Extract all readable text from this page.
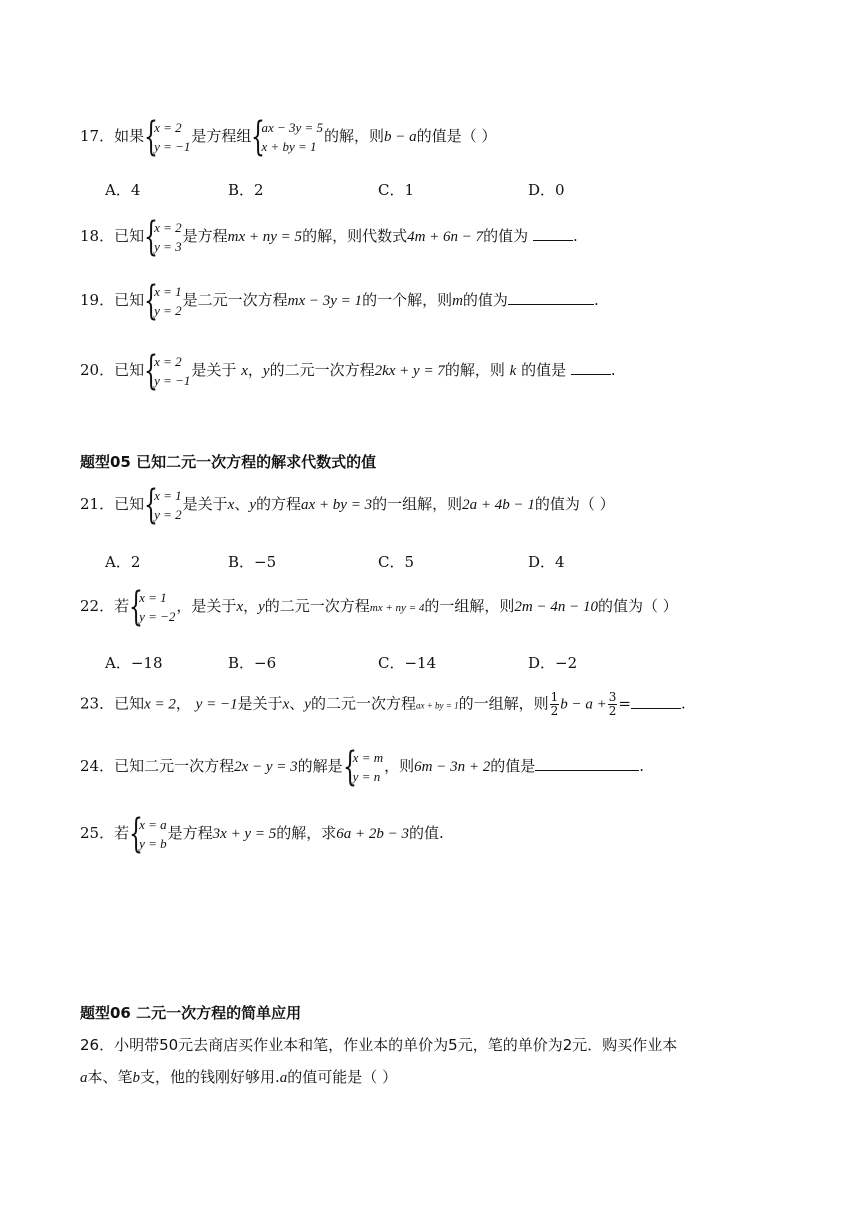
17．如果 {
x = 2
y = −1
是方程组 {
ax − 3y = 5
x + by = 1
的解，则b − a的值是（ ）
A．4	B．2	C．1	D．0
18．已知 {
x = 2
y = 3
是方程mx + ny = 5的解，则代数式4m + 6n − 7的值为	.
19．已知 {
x = 1
y = 2
是二元一次方程mx − 3y = 1的一个解，则m的值为	.
20．已知 {
x = 2
y = −1
是关于 x，y的二元一次方程2kx + y = 7的解，则 k 的值是	.
题型05 已知二元一次方程的解求代数式的值
21．已知 {
x = 1
y = 2
是关于x、y的方程ax + by = 3的一组解，则2a + 4b − 1的值为（ ）
A．2	B．−5	C．5	D．4
22．若 {
x = 1
y = −2
，是关于x，y的二元一次方程mx + ny = 4的一组解，则2m − 4n − 10的值为（ ）
A．−18	B．−6	C．−14	D．−2
23．已知x = 2， y = −1是关于x、y的二元一次方程ax + by = 1的一组解，则 $\frac{1}{2}$ $b - a + \frac{3}{2}$ =	.
24．已知二元一次方程2x − y = 3的解是 {
x = m
y = n
，则6m − 3n + 2的值是	.
25．若 {
x = a
y = b
是方程3x + y = 5的解，求6a + 2b − 3的值.
题型06 二元一次方程的简单应用
26．小明带50元去商店买作业本和笔，作业本的单价为5元，笔的单价为2元．购买作业本
a本、笔b支，他的钱刚好够用.a的值可能是（ ）
